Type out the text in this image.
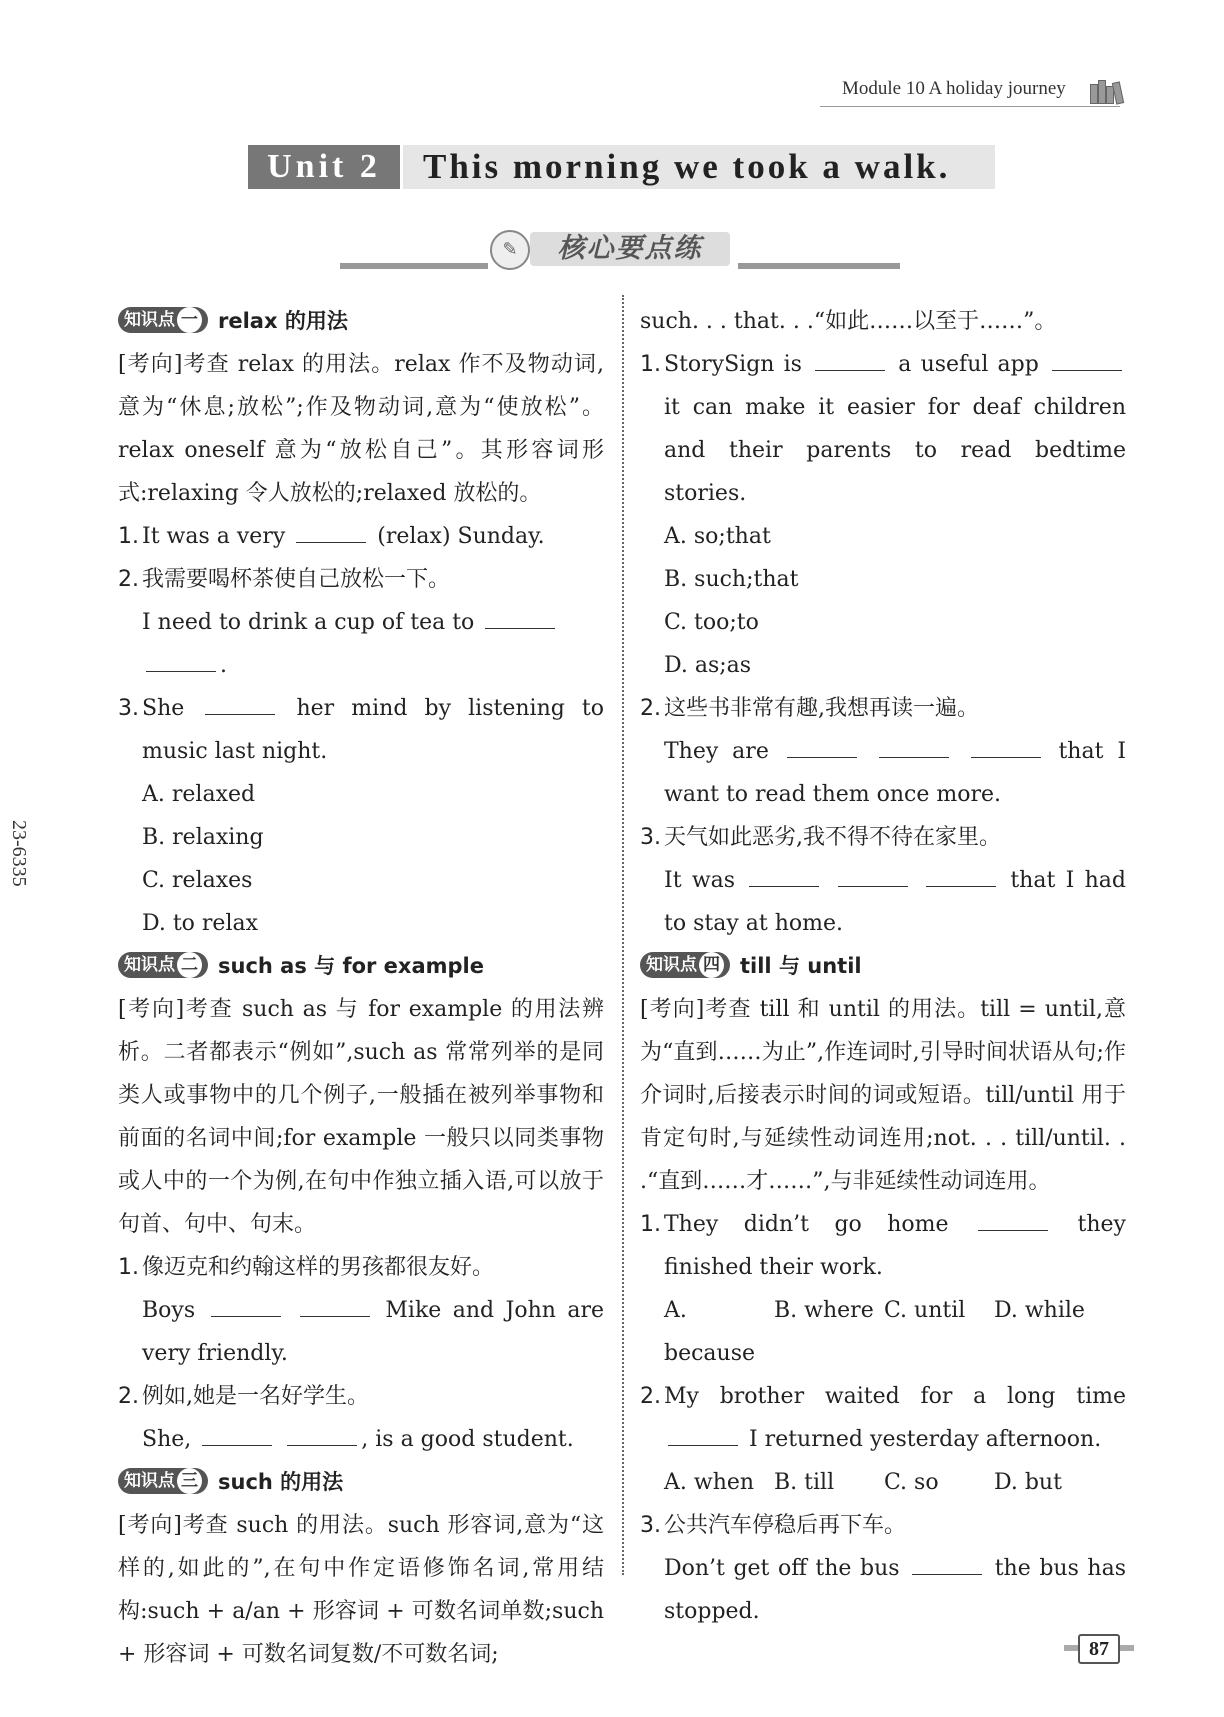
Module 10 A holiday journey
Unit 2	This morning we took a walk.
✎	核心要点练
23-6335
知识点 一 relax 的用法
[考向]考查 relax 的用法。relax 作不及物动词,意为“休息;放松”;作及物动词,意为“使放松”。relax oneself 意为“放松自己”。其形容词形式:relaxing 令人放松的;relaxed 放松的。
1. It was a very	(relax) Sunday.
2. 我需要喝杯茶使自己放松一下。
I need to drink a cup of tea to  .
3. She	her mind by listening to music last night.
A. relaxed
B. relaxing
C. relaxes
D. to relax
知识点 二 such as 与 for example
[考向]考查 such as 与 for example 的用法辨析。二者都表示“例如”,such as 常常列举的是同类人或事物中的几个例子,一般插在被列举事物和前面的名词中间;for example 一般只以同类事物或人中的一个为例,在句中作独立插入语,可以放于句首、句中、句末。
1. 像迈克和约翰这样的男孩都很友好。
Boys	Mike and John are very friendly.
2. 例如,她是一名好学生。
She,	, is a good student.
知识点 三 such 的用法
[考向]考查 such 的用法。such 形容词,意为“这样的,如此的”,在句中作定语修饰名词,常用结构:such + a/an + 形容词 + 可数名词单数;such + 形容词 + 可数名词复数/不可数名词;
such. . . that. . .“如此……以至于……”。
1. StorySign is	a useful app  it can make it easier for deaf children and their parents to read bedtime stories.
A. so;that
B. such;that
C. too;to
D. as;as
2. 这些书非常有趣,我想再读一遍。
They are	that I want to read them once more.
3. 天气如此恶劣,我不得不待在家里。
It was	that I had to stay at home.
知识点 四 till 与 until
[考向]考查 till 和 until 的用法。till = until,意为“直到……为止”,作连词时,引导时间状语从句;作介词时,后接表示时间的词或短语。till/until 用于肯定句时,与延续性动词连用;not. . . till/until. . .“直到……才……”,与非延续性动词连用。
1. They didn’t go home	they finished their work.
A. because
B. where C. until	D. while
2. My brother waited for a long time  I returned yesterday afternoon.
A. when B. till	C. so	D. but
3. 公共汽车停稳后再下车。
Don’t get off the bus	the bus has stopped.
87
